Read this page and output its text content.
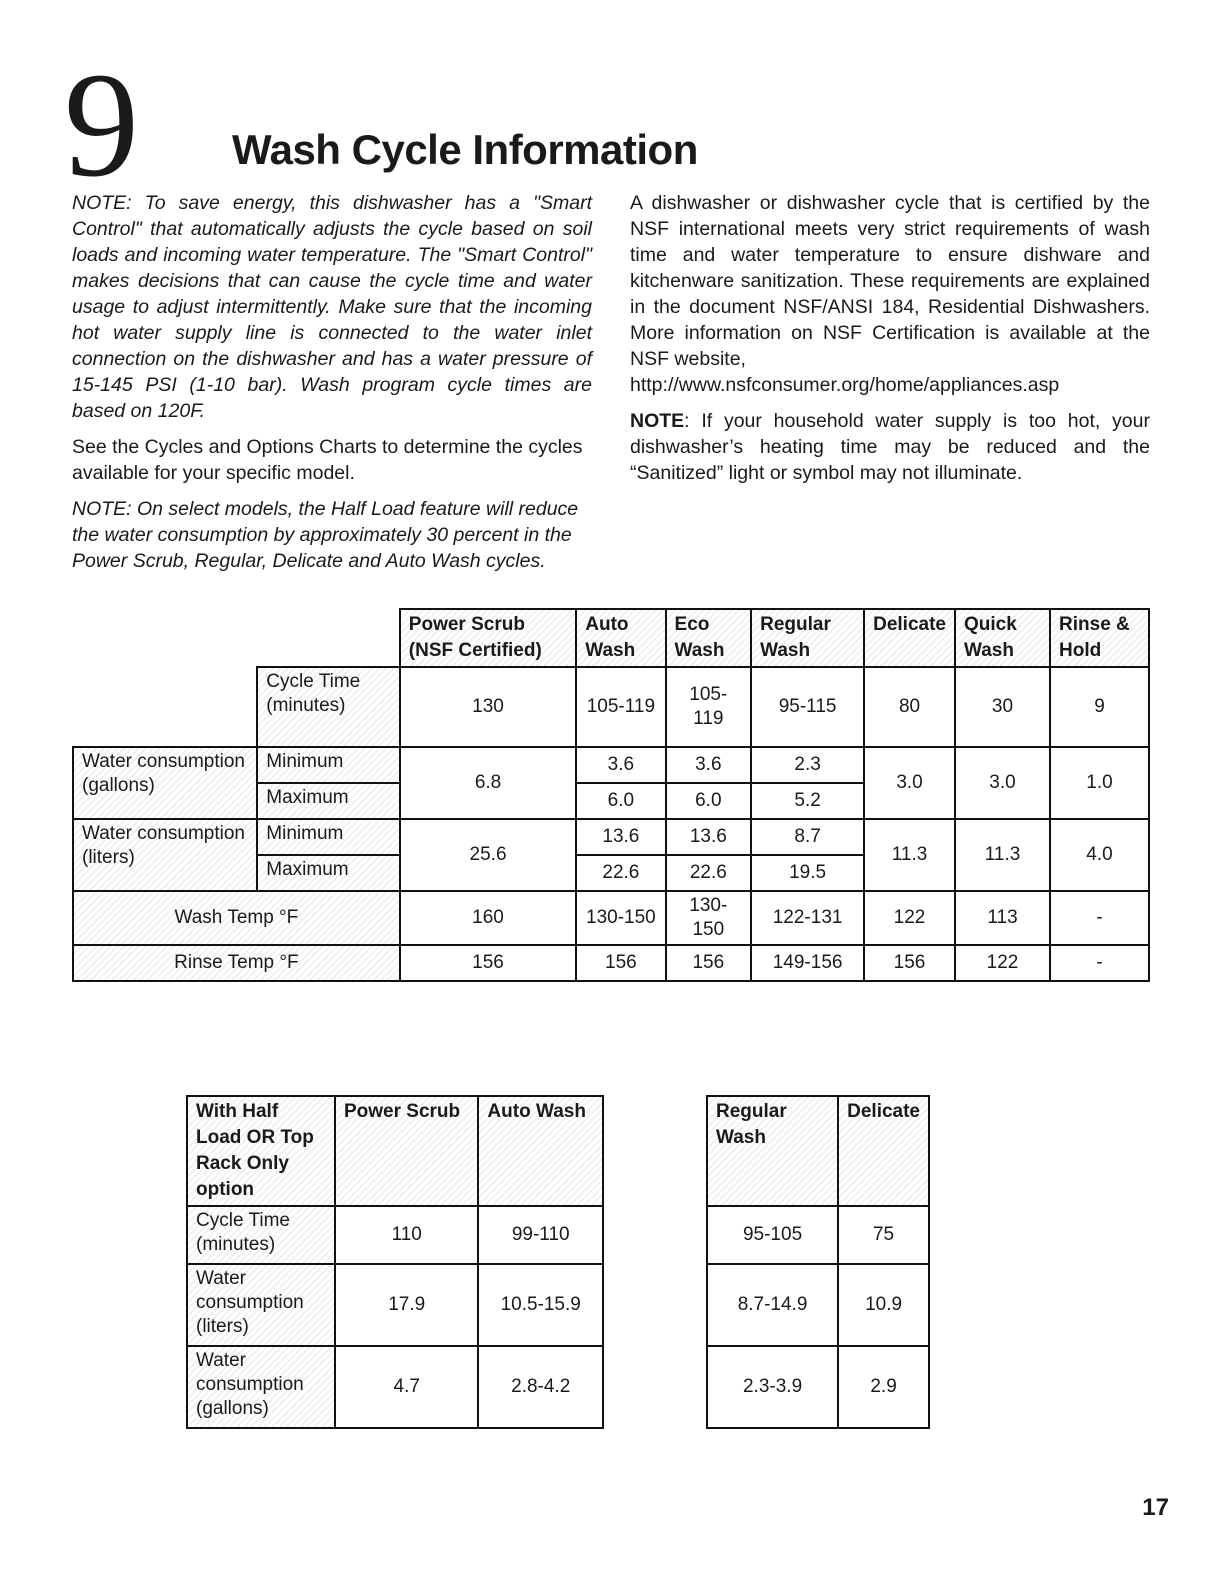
9 Wash Cycle Information

NOTE: To save energy, this dishwasher has a "Smart Control" that automatically adjusts the cycle based on soil loads and incoming water temperature. The "Smart Control" makes decisions that can cause the cycle time and water usage to adjust intermittently. Make sure that the incoming hot water supply line is connected to the water inlet connection on the dishwasher and has a water pressure of 15-145 PSI (1-10 bar). Wash program cycle times are based on 120F.

See the Cycles and Options Charts to determine the cycles available for your specific model.

NOTE: On select models, the Half Load feature will reduce the water consumption by approximately 30 percent in the Power Scrub, Regular, Delicate and Auto Wash cycles.

A dishwasher or dishwasher cycle that is certified by the NSF international meets very strict requirements of wash time and water temperature to ensure dishware and kitchenware sanitization. These requirements are explained in the document NSF/ANSI 184, Residential Dishwashers. More information on NSF Certification is available at the NSF website,
http://www.nsfconsumer.org/home/appliances.asp

NOTE: If your household water supply is too hot, your dishwasher’s heating time may be reduced and the “Sanitized” light or symbol may not illuminate.

		Power Scrub (NSF Certified)	Auto Wash	Eco Wash	Regular Wash	Delicate	Quick Wash	Rinse & Hold
	Cycle Time (minutes)	130	105-119	105-119	95-115	80	30	9
Water consumption (gallons)	Minimum	6.8	3.6	3.6	2.3	3.0	3.0	1.0
	Maximum		6.0	6.0	5.2			
Water consumption (liters)	Minimum	25.6	13.6	13.6	8.7	11.3	11.3	4.0
	Maximum		22.6	22.6	19.5			
Wash Temp °F		160	130-150	130-150	122-131	122	113	-
Rinse Temp °F		156	156	156	149-156	156	122	-
With Half Load OR Top Rack Only option	Power Scrub	Auto Wash
Cycle Time (minutes)	110	99-110
Water consumption (liters)	17.9	10.5-15.9
Water consumption (gallons)	4.7	2.8-4.2
Regular Wash	Delicate
95-105	75
8.7-14.9	10.9
2.3-3.9	2.9
17
